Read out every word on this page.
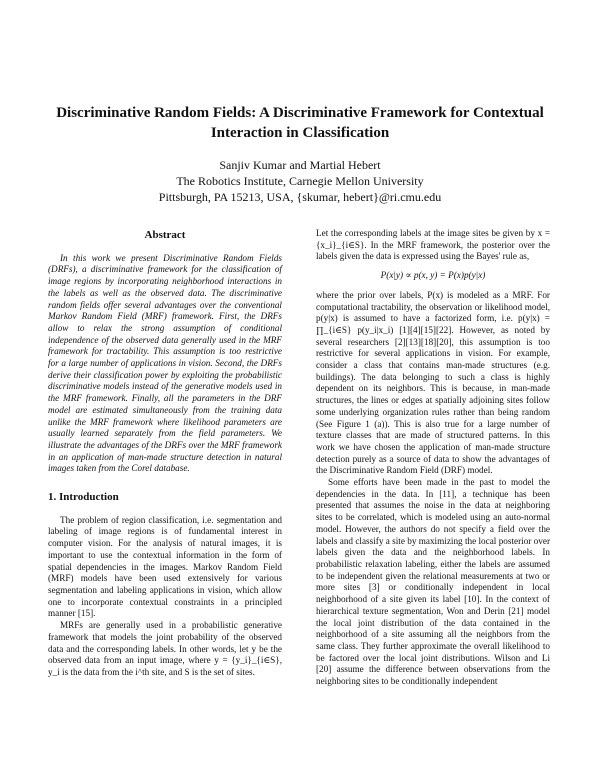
Discriminative Random Fields: A Discriminative Framework for Contextual
Interaction in Classification
Sanjiv Kumar and Martial Hebert
The Robotics Institute, Carnegie Mellon University
Pittsburgh, PA 15213, USA, {skumar, hebert}@ri.cmu.edu
Abstract

In this work we present Discriminative Random Fields (DRFs), a discriminative framework for the classification of image regions by incorporating neighborhood interactions in the labels as well as the observed data. The discriminative random fields offer several advantages over the conventional Markov Random Field (MRF) framework. First, the DRFs allow to relax the strong assumption of conditional independence of the observed data generally used in the MRF framework for tractability. This assumption is too restrictive for a large number of applications in vision. Second, the DRFs derive their classification power by exploiting the probabilistic discriminative models instead of the generative models used in the MRF framework. Finally, all the parameters in the DRF model are estimated simultaneously from the training data unlike the MRF framework where likelihood parameters are usually learned separately from the field parameters. We illustrate the advantages of the DRFs over the MRF framework in an application of man-made structure detection in natural images taken from the Corel database.

1. Introduction

The problem of region classification, i.e. segmentation and labeling of image regions is of fundamental interest in computer vision. For the analysis of natural images, it is important to use the contextual information in the form of spatial dependencies in the images. Markov Random Field (MRF) models have been used extensively for various segmentation and labeling applications in vision, which allow one to incorporate contextual constraints in a principled manner [15].

MRFs are generally used in a probabilistic generative framework that models the joint probability of the observed data and the corresponding labels. In other words, let y be the observed data from an input image, where y = {y_i}_{i∈S}, y_i is the data from the i^th site, and S is the set of sites.

Let the corresponding labels at the image sites be given by x = {x_i}_{i∈S}. In the MRF framework, the posterior over the labels given the data is expressed using the Bayes' rule as,

P(x|y) ∝ p(x, y) = P(x)p(y|x)

where the prior over labels, P(x) is modeled as a MRF. For computational tractability, the observation or likelihood model, p(y|x) is assumed to have a factorized form, i.e. p(y|x) = ∏_{i∈S} p(y_i|x_i) [1][4][15][22]. However, as noted by several researchers [2][13][18][20], this assumption is too restrictive for several applications in vision. For example, consider a class that contains man-made structures (e.g. buildings). The data belonging to such a class is highly dependent on its neighbors. This is because, in man-made structures, the lines or edges at spatially adjoining sites follow some underlying organization rules rather than being random (See Figure 1 (a)). This is also true for a large number of texture classes that are made of structured patterns. In this work we have chosen the application of man-made structure detection purely as a source of data to show the advantages of the Discriminative Random Field (DRF) model.

Some efforts have been made in the past to model the dependencies in the data. In [11], a technique has been presented that assumes the noise in the data at neighboring sites to be correlated, which is modeled using an auto-normal model. However, the authors do not specify a field over the labels and classify a site by maximizing the local posterior over labels given the data and the neighborhood labels. In probabilistic relaxation labeling, either the labels are assumed to be independent given the relational measurements at two or more sites [3] or conditionally independent in local neighborhood of a site given its label [10]. In the context of hierarchical texture segmentation, Won and Derin [21] model the local joint distribution of the data contained in the neighborhood of a site assuming all the neighbors from the same class. They further approximate the overall likelihood to be factored over the local joint distributions. Wilson and Li [20] assume the difference between observations from the neighboring sites to be conditionally independent
